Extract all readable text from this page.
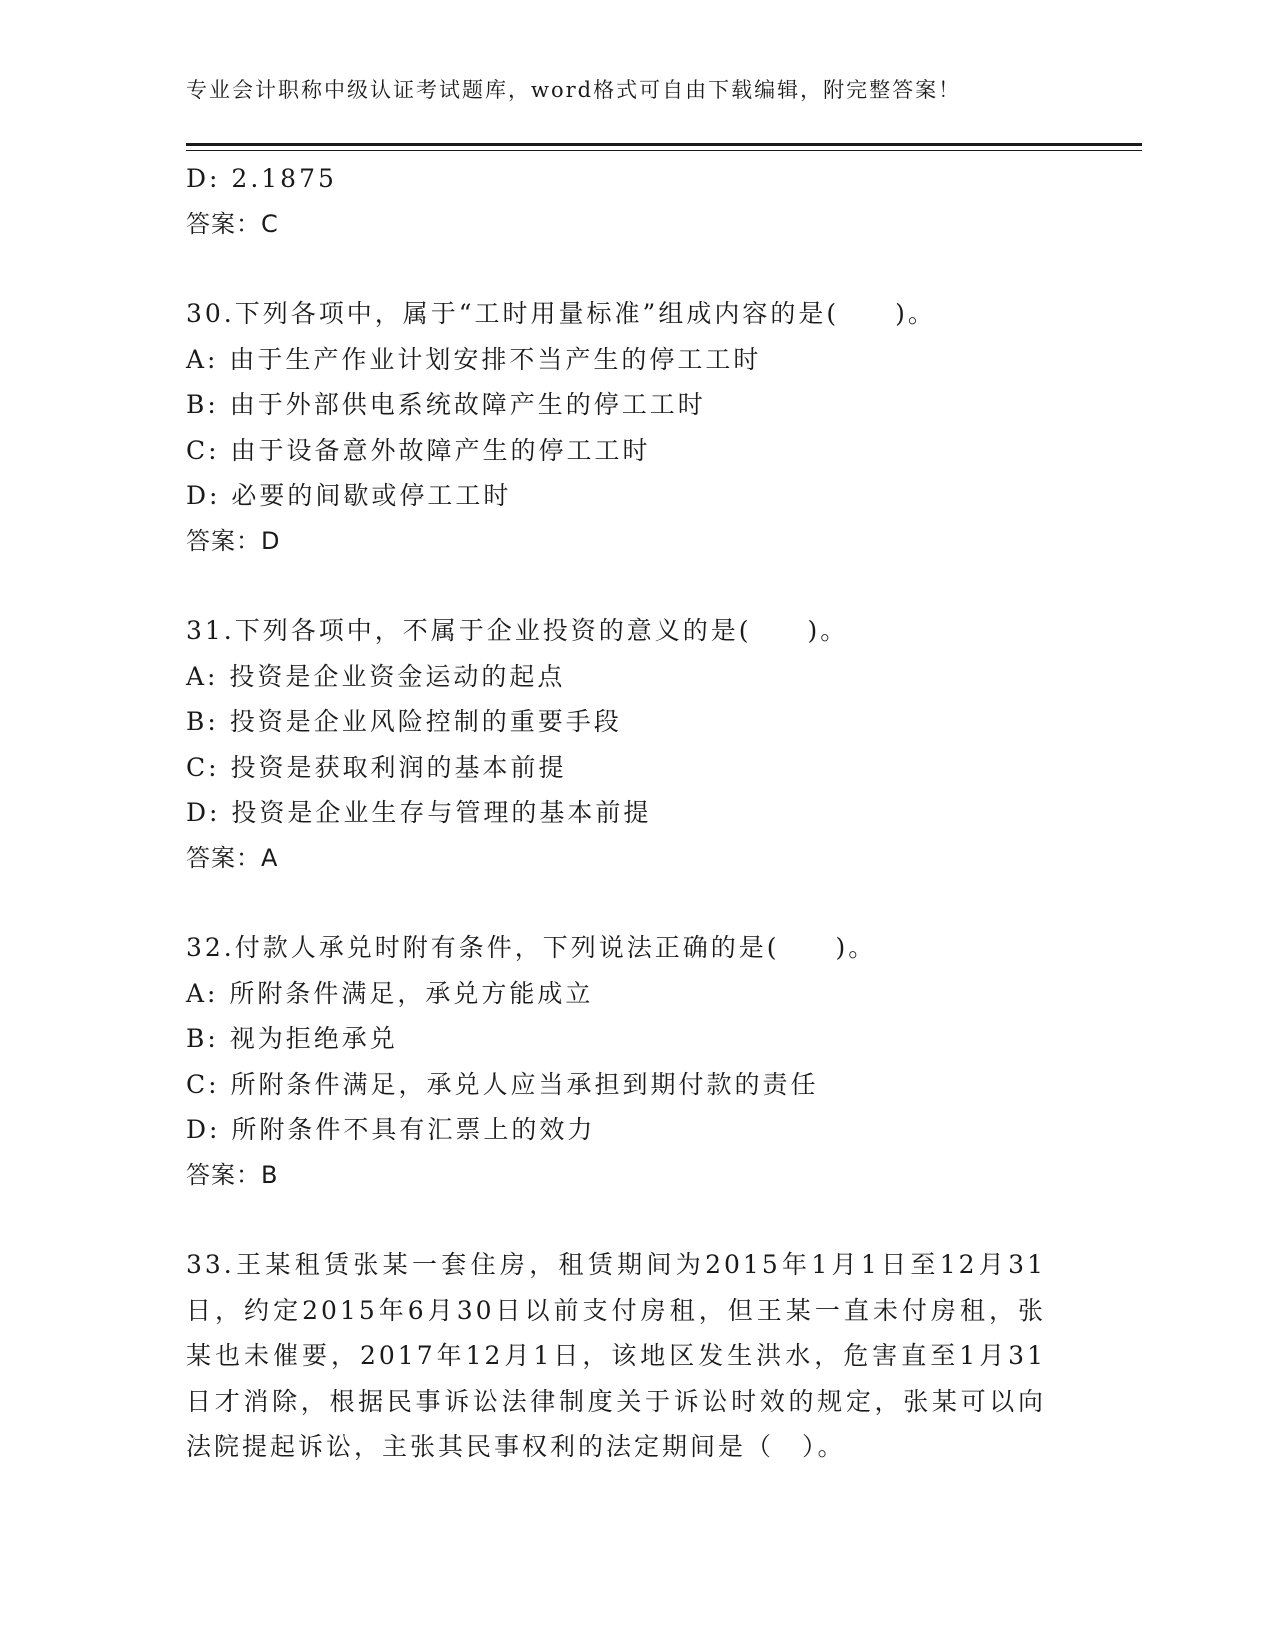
专业会计职称中级认证考试题库，word格式可自由下载编辑，附完整答案！
D: 2.1875
答案：C
30.下列各项中，属于“工时用量标准”组成内容的是(　　)。
A: 由于生产作业计划安排不当产生的停工工时
B: 由于外部供电系统故障产生的停工工时
C: 由于设备意外故障产生的停工工时
D: 必要的间歇或停工工时
答案：D
31.下列各项中，不属于企业投资的意义的是(　　)。
A: 投资是企业资金运动的起点
B: 投资是企业风险控制的重要手段
C: 投资是获取利润的基本前提
D: 投资是企业生存与管理的基本前提
答案：A
32.付款人承兑时附有条件，下列说法正确的是(　　)。
A: 所附条件满足，承兑方能成立
B: 视为拒绝承兑
C: 所附条件满足，承兑人应当承担到期付款的责任
D: 所附条件不具有汇票上的效力
答案：B
33.王某租赁张某一套住房，租赁期间为2015年1月1日至12月31日，约定2015年6月30日以前支付房租，但王某一直未付房租，张某也未催要，2017年12月1日，该地区发生洪水，危害直至1月31日才消除，根据民事诉讼法律制度关于诉讼时效的规定，张某可以向法院提起诉讼，主张其民事权利的法定期间是（　）。
